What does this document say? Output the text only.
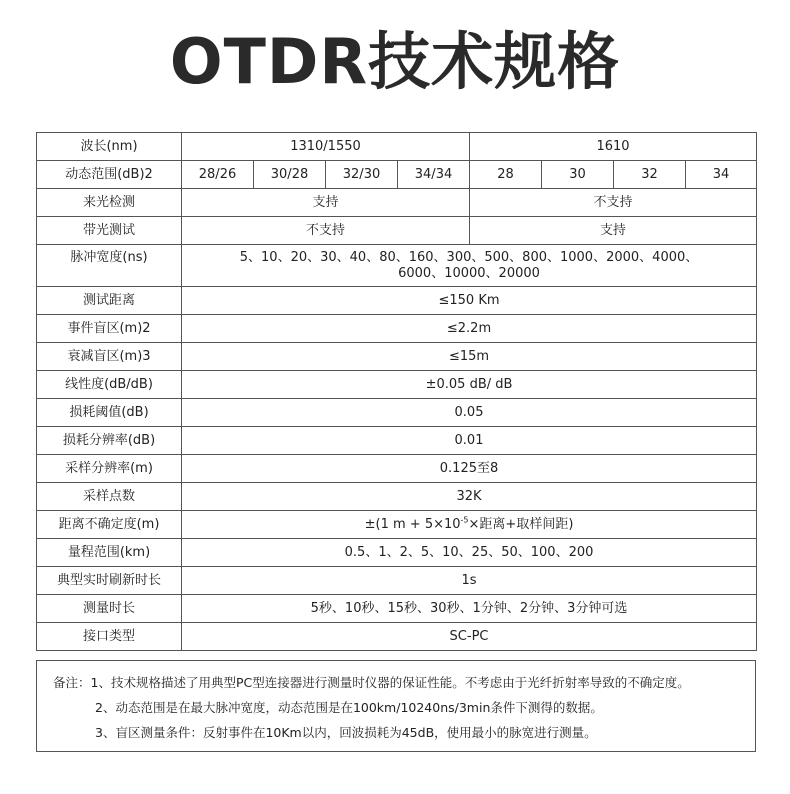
OTDR技术规格
波长(nm)	1310/1550				1610			
动态范围(dB)2	28/26	30/28	32/30	34/34	28	30	32	34
来光检测	支持				不支持			
带光测试	不支持				支持			
脉冲宽度(ns)	5、10、20、30、40、80、160、300、500、800、1000、2000、4000、
6000、10000、20000							

测试距离	≤150 Km							
事件盲区(m)2	≤2.2m							
衰减盲区(m)3	≤15m							
线性度(dB/dB)	±0.05 dB/ dB							
损耗阈值(dB)	0.05							
损耗分辨率(dB)	0.01							
采样分辨率(m)	0.125至8							
采样点数	32K							
距离不确定度(m)	±(1 $m + 5\times 10^{-5}\times$距离+取样间距)							
量程范围(km)	0.5、1、2、5、10、25、50、100、200							
典型实时刷新时长	1s							
测量时长	5秒、10秒、15秒、30秒、1分钟、2分钟、3分钟可选							
接口类型	SC-PC							
备注：1、技术规格描述了用典型PC型连接器进行测量时仪器的保证性能。不考虑由于光纤折射率导致的不确定度。
2、动态范围是在最大脉冲宽度，动态范围是在100km/10240ns/3min条件下测得的数据。
3、盲区测量条件：反射事件在10Km以内，回波损耗为45dB，使用最小的脉宽进行测量。
